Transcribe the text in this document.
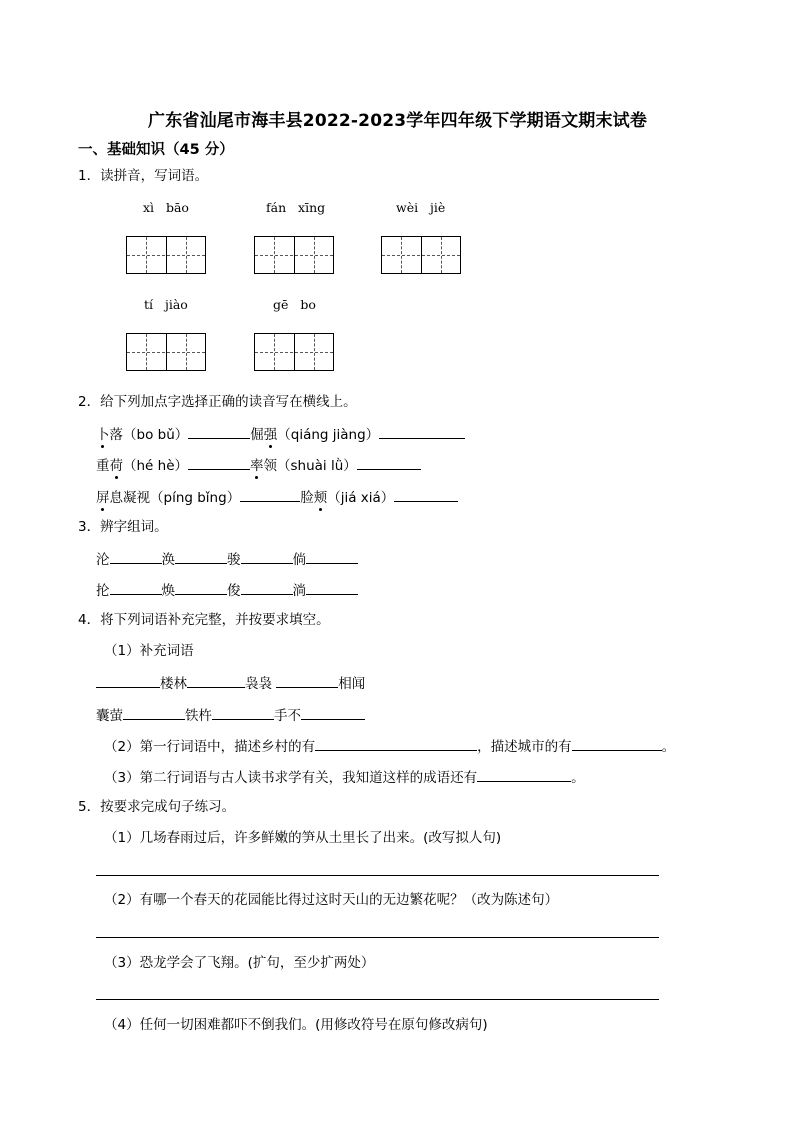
广东省汕尾市海丰县2022-2023学年四年级下学期语文期末试卷
一、基础知识（45 分）
1．读拼音，写词语。
xì   bāo	fán   xīng	wèi   jiè
tí   jiào	gē   bo
2．给下列加点字选择正确的读音写在横线上。
卜落（bo bǔ）	倔强（qiáng jiàng）
重荷（hé hè）	率领（shuài lǜ）
屏息凝视（píng bǐng）	脸颊（jiá xiá）
3．辨字组词。
沦	涣	骏	倘
抡	焕	俊	淌
4．将下列词语补充完整，并按要求填空。
（1）补充词语
楼林	袅袅	相闻
囊萤	铁杵	手不
（2）第一行词语中，描述乡村的有	，描述城市的有	。
（3）第二行词语与古人读书求学有关，我知道这样的成语还有	。
5．按要求完成句子练习。
（1）几场春雨过后，许多鲜嫩的笋从土里长了出来。(改写拟人句)
（2）有哪一个春天的花园能比得过这时天山的无边繁花呢？（改为陈述句）
（3）恐龙学会了飞翔。(扩句，至少扩两处）
（4）任何一切困难都吓不倒我们。(用修改符号在原句修改病句)
